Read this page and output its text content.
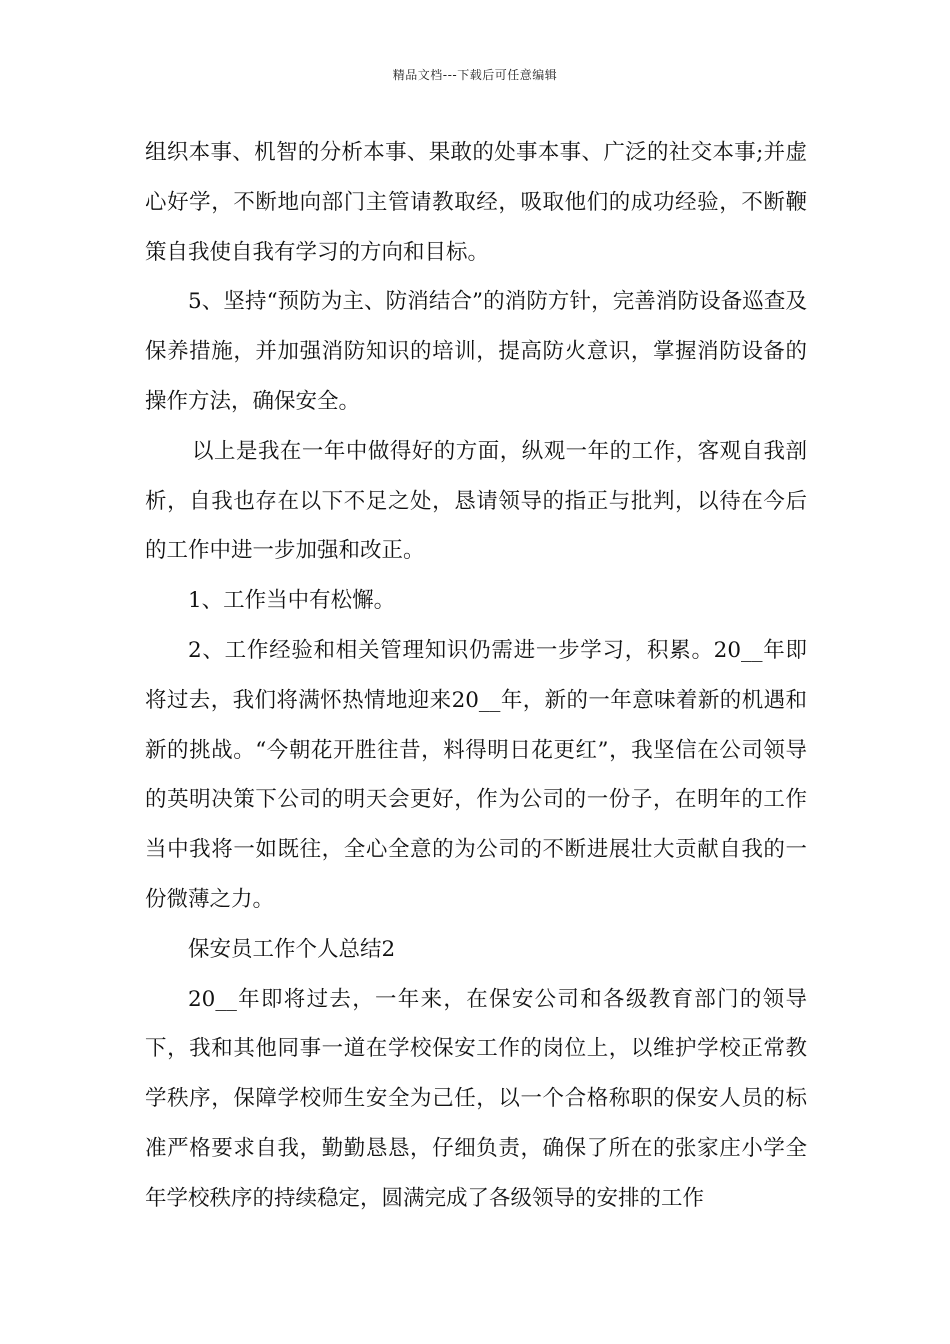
精品文档---下载后可任意编辑

组织本事、机智的分析本事、果敢的处事本事、广泛的社交本事;并虚心好学，不断地向部门主管请教取经，吸取他们的成功经验，不断鞭策自我使自我有学习的方向和目标。

5、坚持“预防为主、防消结合”的消防方针，完善消防设备巡查及保养措施，并加强消防知识的培训，提高防火意识，掌握消防设备的操作方法，确保安全。

以上是我在一年中做得好的方面，纵观一年的工作，客观自我剖析，自我也存在以下不足之处，恳请领导的指正与批判，以待在今后的工作中进一步加强和改正。

1、工作当中有松懈。

2、工作经验和相关管理知识仍需进一步学习，积累。20__年即将过去，我们将满怀热情地迎来20__年，新的一年意味着新的机遇和新的挑战。“今朝花开胜往昔，料得明日花更红”，我坚信在公司领导的英明决策下公司的明天会更好，作为公司的一份子，在明年的工作当中我将一如既往，全心全意的为公司的不断进展壮大贡献自我的一份微薄之力。

保安员工作个人总结2

20__年即将过去，一年来，在保安公司和各级教育部门的领导下，我和其他同事一道在学校保安工作的岗位上，以维护学校正常教学秩序，保障学校师生安全为己任，以一个合格称职的保安人员的标准严格要求自我，勤勤恳恳，仔细负责，确保了所在的张家庄小学全年学校秩序的持续稳定，圆满完成了各级领导的安排的工作
